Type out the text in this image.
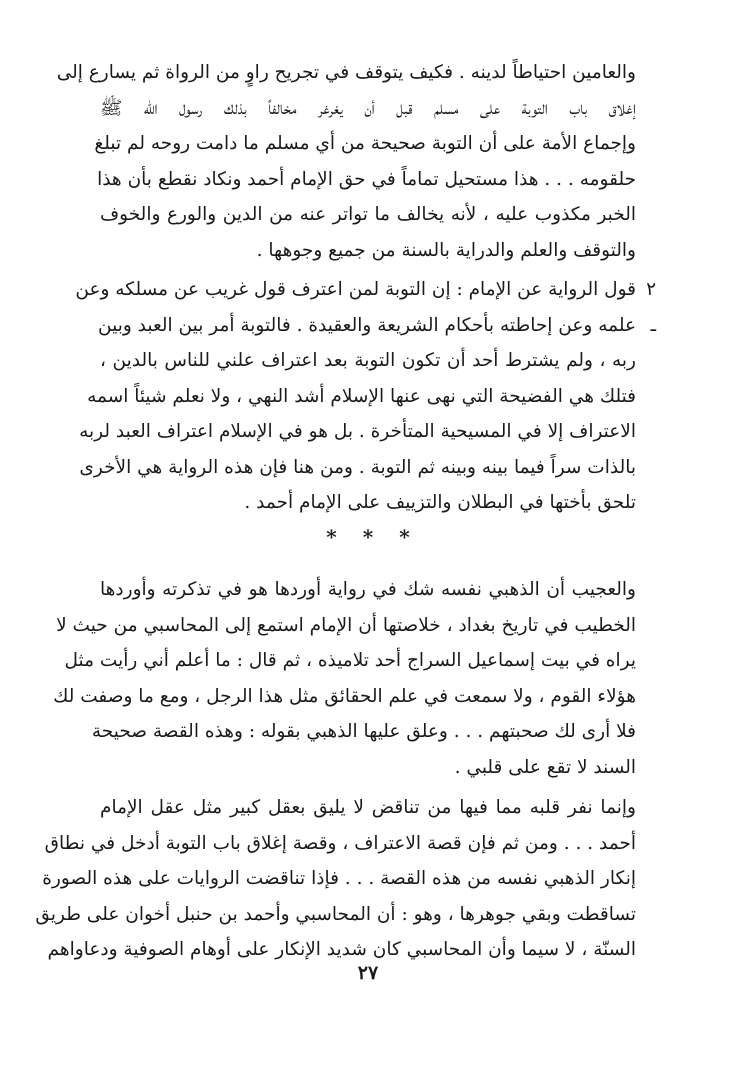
والعامين احتياطاً لدينه . فكيف يتوقف في تجريح راوٍ من الرواة ثم يسارع إلى
إغلاق باب التوبة على مسلم قبل أن يغرغر مخالفاً بذلك رسول الله ﷺ
وإجماع الأمة على أن التوبة صحيحة من أي مسلم ما دامت روحه لم تبلغ
حلقومه . . . هذا مستحيل تماماً في حق الإمام أحمد ونكاد نقطع بأن هذا
الخبر مكذوب عليه ، لأنه يخالف ما تواتر عنه من الدين والورع والخوف
والتوقف والعلم والدراية بالسنة من جميع وجوهها .
٢ ـ
قول الرواية عن الإمام : إن التوبة لمن اعترف قول غريب عن مسلكه وعن
علمه وعن إحاطته بأحكام الشريعة والعقيدة . فالتوبة أمر بين العبد وبين
ربه ، ولم يشترط أحد أن تكون التوبة بعد اعتراف علني للناس بالدين ،
فتلك هي الفضيحة التي نهى عنها الإسلام أشد النهي ، ولا نعلم شيئاً اسمه
الاعتراف إلا في المسيحية المتأخرة . بل هو في الإسلام اعتراف العبد لربه
بالذات سراً فيما بينه وبينه ثم التوبة . ومن هنا فإن هذه الرواية هي الأخرى
تلحق بأختها في البطلان والتزييف على الإمام أحمد .
* * *
والعجيب أن الذهبي نفسه شك في رواية أوردها هو في تذكرته وأوردها
الخطيب في تاريخ بغداد ، خلاصتها أن الإمام استمع إلى المحاسبي من حيث لا
يراه في بيت إسماعيل السراج أحد تلاميذه ، ثم قال : ما أعلم أني رأيت مثل
هؤلاء القوم ، ولا سمعت في علم الحقائق مثل هذا الرجل ، ومع ما وصفت لك
فلا أرى لك صحبتهم . . . وعلق عليها الذهبي بقوله : وهذه القصة صحيحة
السند لا تقع على قلبي .
وإنما نفر قلبه مما فيها من تناقض لا يليق بعقل كبير مثل عقل الإمام
أحمد . . . ومن ثم فإن قصة الاعتراف ، وقصة إغلاق باب التوبة أدخل في نطاق
إنكار الذهبي نفسه من هذه القصة . . . فإذا تناقضت الروايات على هذه الصورة
تساقطت وبقي جوهرها ، وهو : أن المحاسبي وأحمد بن حنبل أخوان على طريق
السنّة ، لا سيما وأن المحاسبي كان شديد الإنكار على أوهام الصوفية ودعاواهم
٢٧
